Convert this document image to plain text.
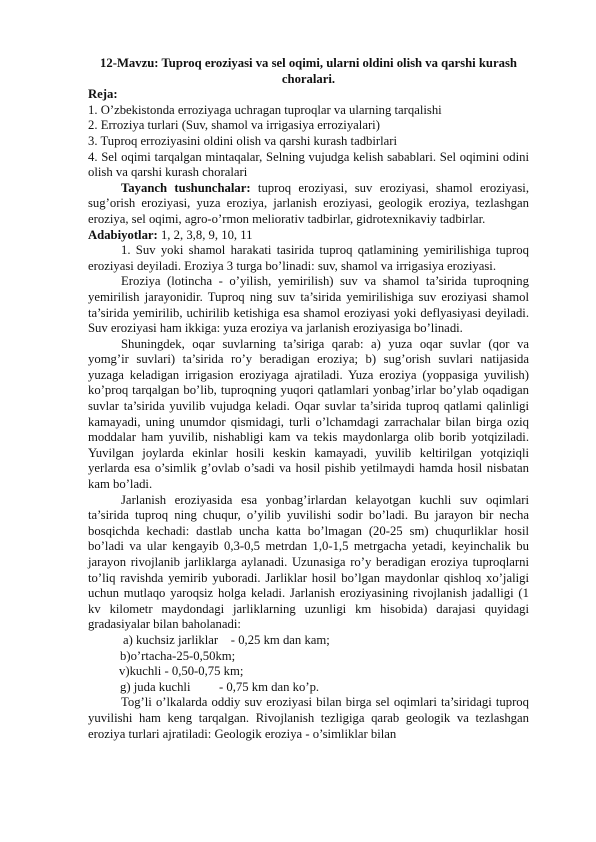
12-Mavzu: Tuproq eroziyasi va sel oqimi, ularni oldini olish va qarshi kurash choralari.

Reja:
1. O’zbekistonda erroziyaga uchragan tuproqlar va ularning tarqalishi
2. Erroziya turlari (Suv, shamol va irrigasiya erroziyalari)
3. Tuproq erroziyasini oldini olish va qarshi kurash tadbirlari

4. Sel oqimi tarqalgan mintaqalar, Selning vujudga kelish sabablari. Sel oqimini odini olish va qarshi kurash choralari

Tayanch tushunchalar: tuproq eroziyasi, suv eroziyasi, shamol eroziyasi, sug’orish eroziyasi, yuza eroziya, jarlanish eroziyasi, geologik eroziya, tezlashgan eroziya, sel oqimi, agro-o’rmon meliorativ tadbirlar, gidrotexnikaviy tadbirlar.

Adabiyotlar: 1, 2, 3,8, 9, 10, 11

1. Suv yoki shamol harakati tasirida tuproq qatlamining yemirilishiga tuproq eroziyasi deyiladi. Eroziya 3 turga bo’linadi: suv, shamol va irrigasiya eroziyasi.

Eroziya (lotincha - o’yilish, yemirilish) suv va shamol ta’sirida tuproqning yemirilish jarayonidir. Tuproq ning suv ta’sirida yemirilishiga suv eroziyasi shamol ta’sirida yemirilib, uchirilib ketishiga esa shamol eroziyasi yoki deflyasiyasi deyiladi. Suv eroziyasi ham ikkiga: yuza eroziya va jarlanish eroziyasiga bo’linadi.

Shuningdek, oqar suvlarning ta’siriga qarab: a) yuza oqar suvlar (qor va yomg’ir suvlari) ta’sirida ro’y beradigan eroziya; b) sug’orish suvlari natijasida yuzaga keladigan irrigasion eroziyaga ajratiladi. Yuza eroziya (yoppasiga yuvilish) ko’proq tarqalgan bo’lib, tuproqning yuqori qatlamlari yonbag’irlar bo’ylab oqadigan suvlar ta’sirida yuvilib vujudga keladi. Oqar suvlar ta’sirida tuproq qatlami qalinligi kamayadi, uning unumdor qismidagi, turli o’lchamdagi zarrachalar bilan birga oziq moddalar ham yuvilib, nishabligi kam va tekis maydonlarga olib borib yotqiziladi. Yuvilgan joylarda ekinlar hosili keskin kamayadi, yuvilib keltirilgan yotqiziqli yerlarda esa o’simlik g’ovlab o’sadi va hosil pishib yetilmaydi hamda hosil nisbatan kam bo’ladi.

Jarlanish eroziyasida esa yonbag’irlardan kelayotgan kuchli suv oqimlari ta’sirida tuproq ning chuqur, o’yilib yuvilishi sodir bo’ladi. Bu jarayon bir necha bosqichda kechadi: dastlab uncha katta bo’lmagan (20-25 sm) chuqurliklar hosil bo’ladi va ular kengayib 0,3-0,5 metrdan 1,0-1,5 metrgacha yetadi, keyinchalik bu jarayon rivojlanib jarliklarga aylanadi. Uzunasiga ro’y beradigan eroziya tuproqlarni to’liq ravishda yemirib yuboradi. Jarliklar hosil bo’lgan maydonlar qishloq xo’jaligi uchun mutlaqo yaroqsiz holga keladi. Jarlanish eroziyasining rivojlanish jadalligi (1 kv kilometr maydondagi jarliklarning uzunligi km hisobida) darajasi quyidagi gradasiyalar bilan baholanadi:

a) kuchsiz jarliklar    - 0,25 km dan kam;

b)o’rtacha-25-0,50km;

v)kuchli - 0,50-0,75 km;

g) juda kuchli         - 0,75 km dan ko’p.

Tog’li o’lkalarda oddiy suv eroziyasi bilan birga sel oqimlari ta’siridagi tuproq yuvilishi ham keng tarqalgan. Rivojlanish tezligiga qarab geologik va tezlashgan eroziya turlari ajratiladi: Geologik eroziya - o’simliklar bilan
